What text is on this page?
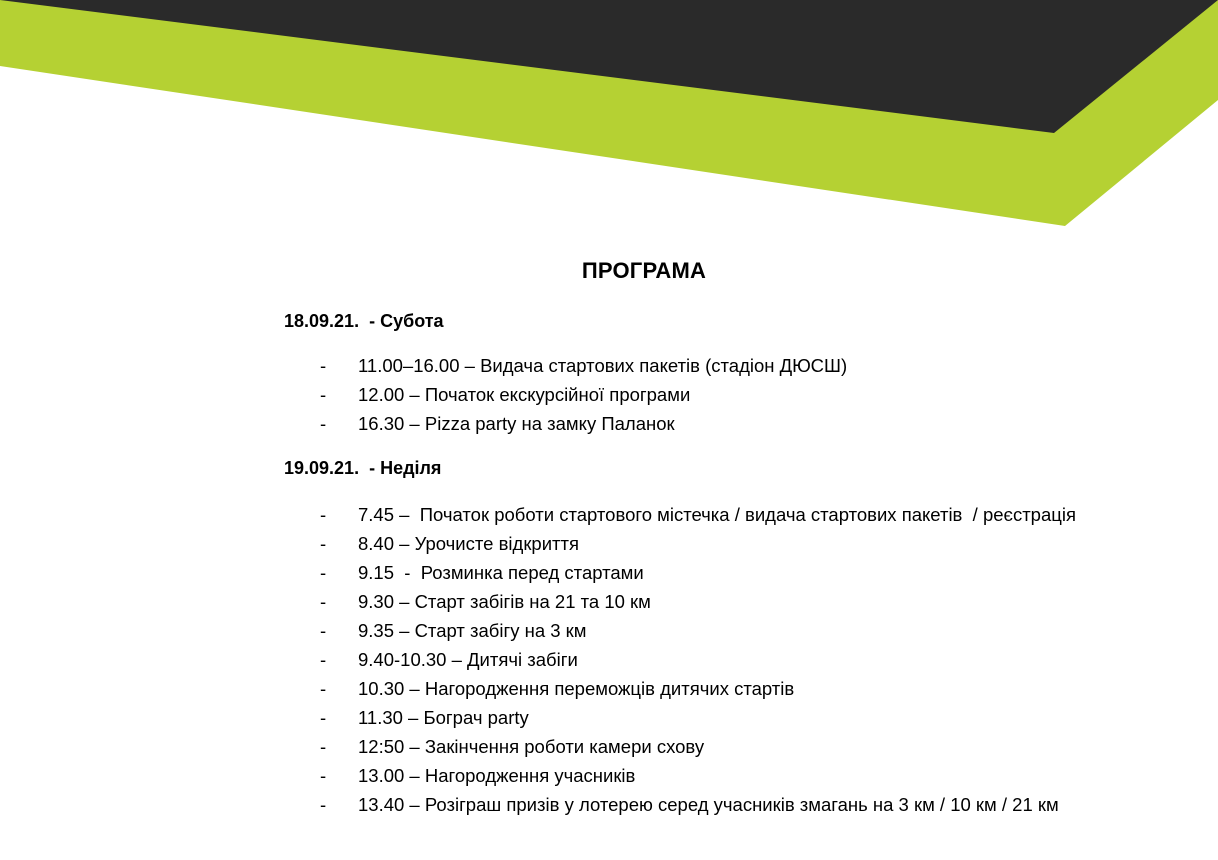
ПРОГРАМА
18.09.21.  - Субота
- 11.00–16.00 – Видача стартових пакетів (стадіон ДЮСШ)
- 12.00 – Початок екскурсійної програми
- 16.30 – Pizza party на замку Паланок
19.09.21.  - Неділя
- 7.45 –  Початок роботи стартового містечка / видача стартових пакетів  / реєстрація
- 8.40 – Урочисте відкриття
- 9.15  -  Розминка перед стартами
- 9.30 – Старт забігів на 21 та 10 км
- 9.35 – Старт забігу на 3 км
- 9.40-10.30 – Дитячі забіги
- 10.30 – Нагородження переможців дитячих стартів
- 11.30 – Бограч party
- 12:50 – Закінчення роботи камери схову
- 13.00 – Нагородження учасників
- 13.40 – Розіграш призів у лотерею серед учасників змагань на 3 км / 10 км / 21 км
